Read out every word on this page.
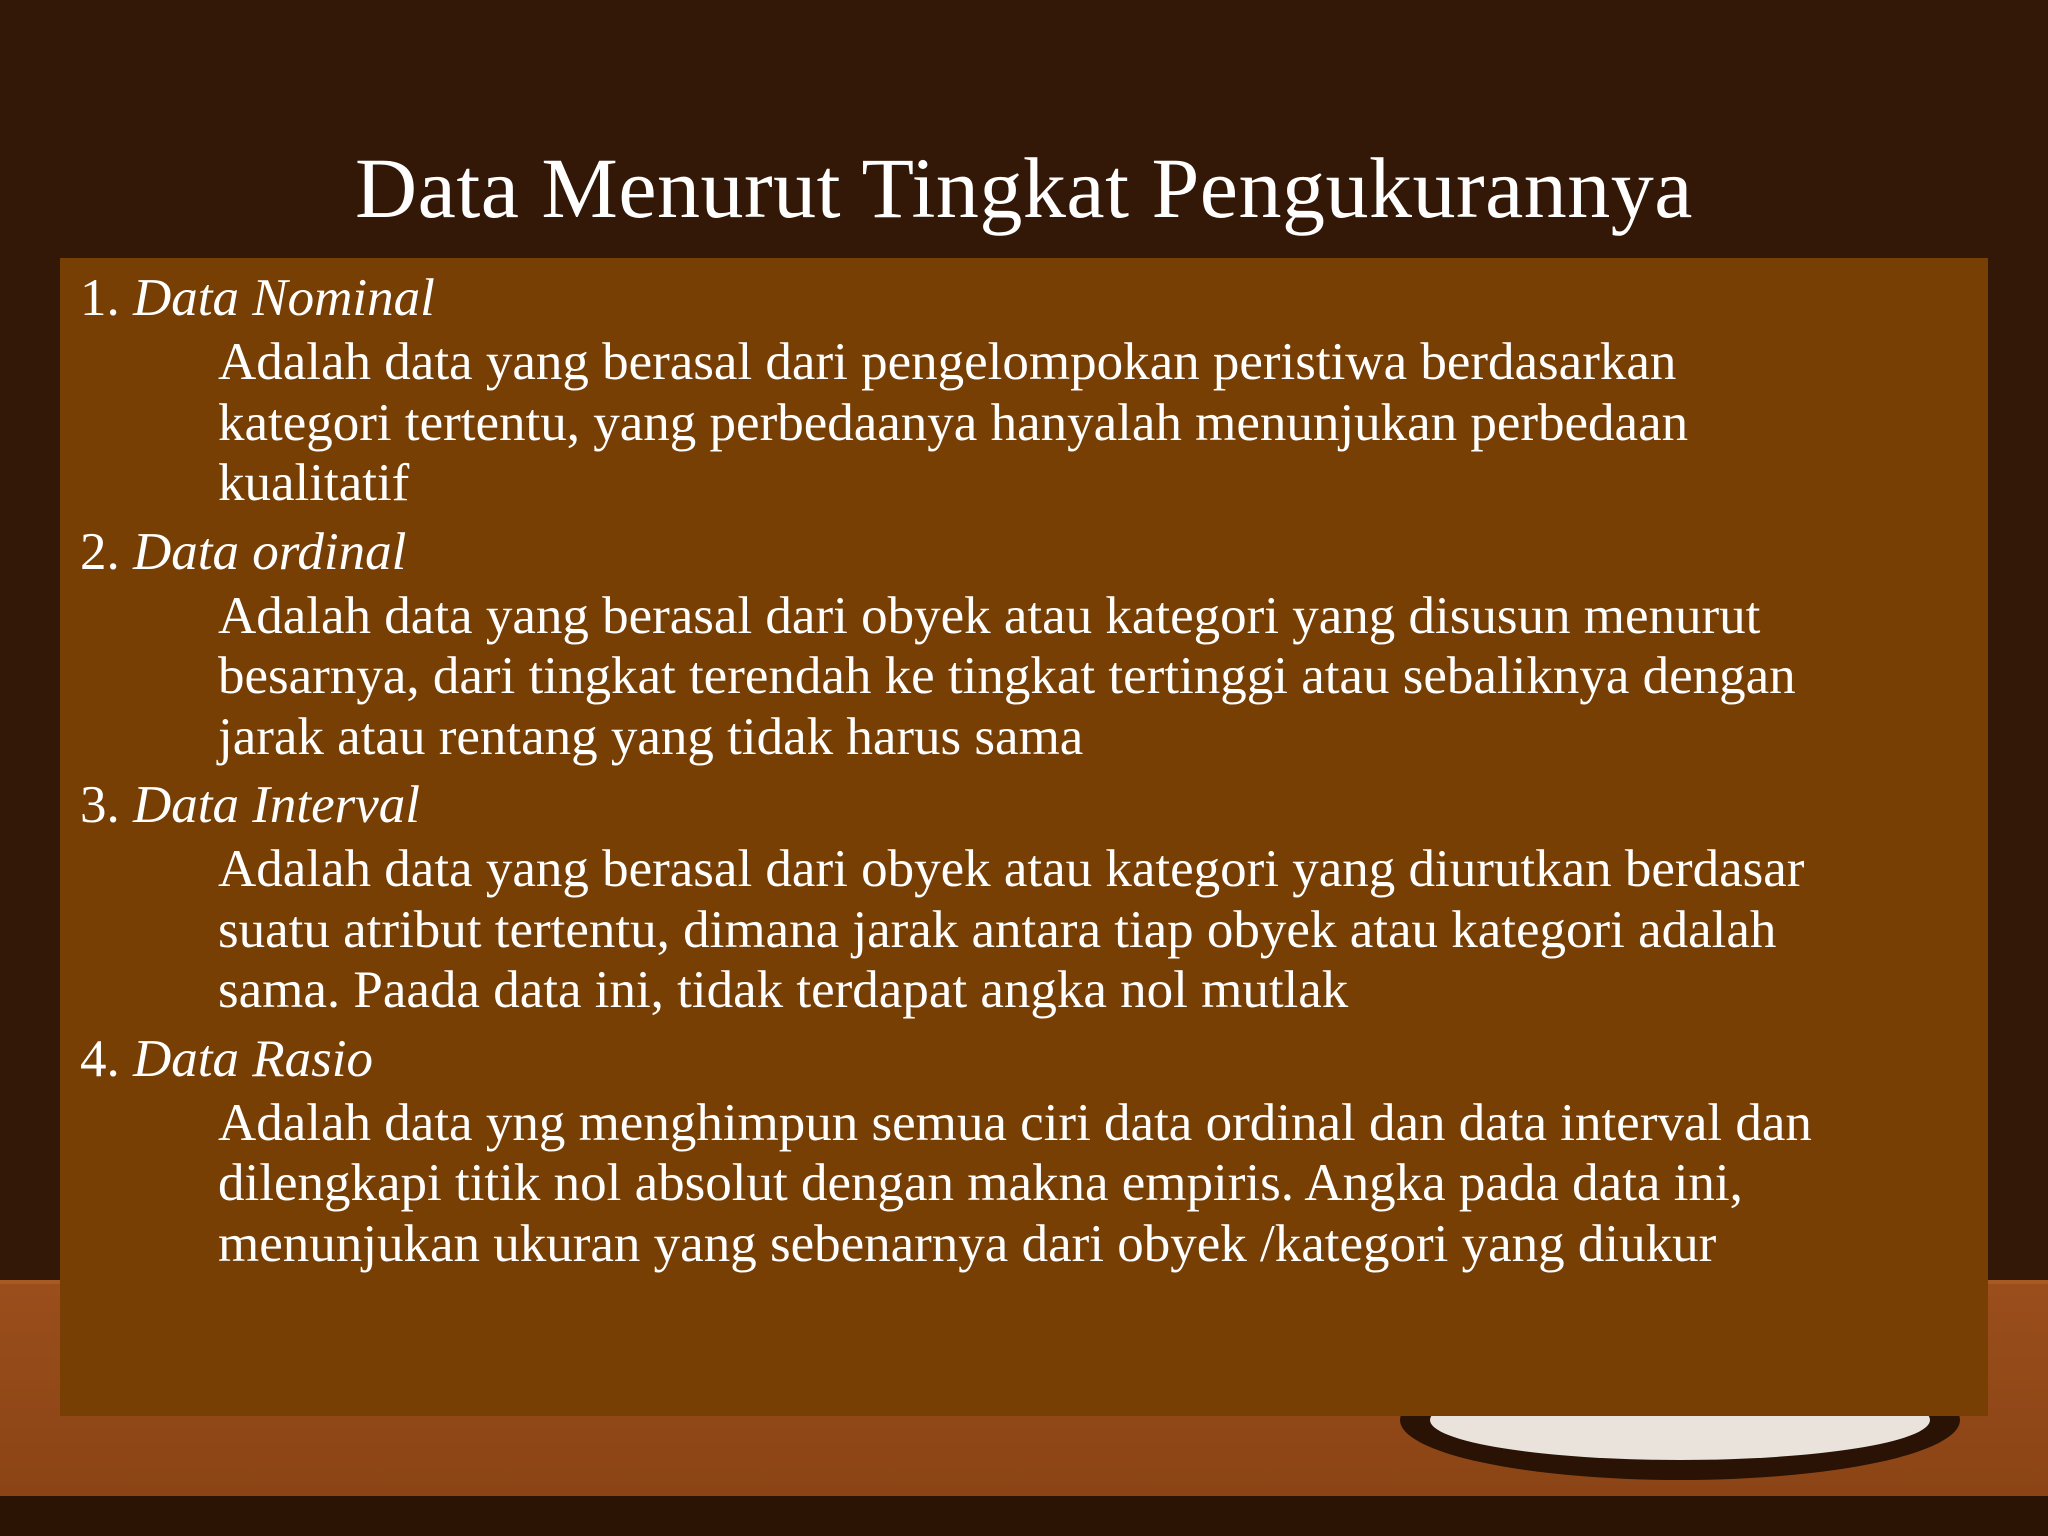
Data Menurut Tingkat Pengukurannya

1. Data Nominal

Adalah data yang berasal dari pengelompokan peristiwa berdasarkan
kategori tertentu, yang perbedaanya hanyalah menunjukan perbedaan
kualitatif

2. Data ordinal

Adalah data yang berasal dari obyek atau kategori yang disusun menurut
besarnya, dari tingkat terendah ke tingkat tertinggi atau sebaliknya dengan
jarak atau rentang yang tidak harus sama

3. Data Interval

Adalah data yang berasal dari obyek atau kategori yang diurutkan berdasar
suatu atribut tertentu, dimana jarak antara tiap obyek atau kategori adalah
sama. Paada data ini, tidak terdapat angka nol mutlak

4. Data Rasio

Adalah data yng menghimpun semua ciri data ordinal dan data interval dan
dilengkapi titik nol absolut dengan makna empiris. Angka pada data ini,
menunjukan ukuran yang sebenarnya dari obyek /kategori yang diukur
